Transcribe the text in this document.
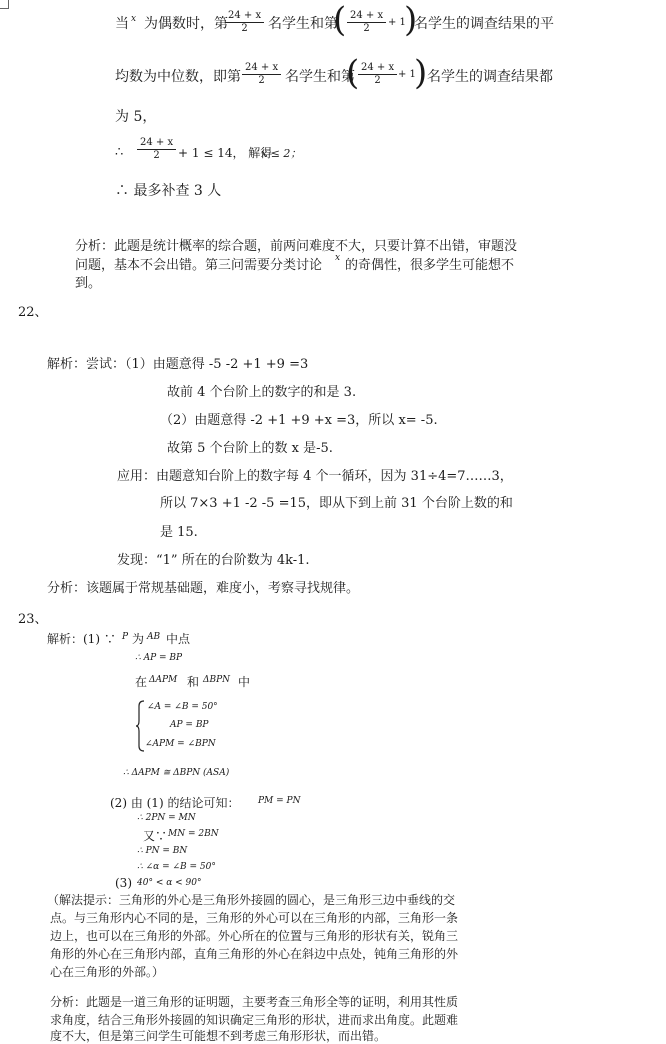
当 x 为偶数时，第
$\frac{24 + x}{2}$ 名学生和第
( $\frac{24 + x}{2} + 1$
)
名学生的调查结果的平
均数为中位数，即第 $\frac{24 + x}{2}$ 名学生和第
(
$\frac{24 + x}{2} + 1$
) 名学生的调查结果都
为 5，
∴ $\frac{24 + x}{2} + 1 \le 14$， 解得
x ≤ 2；
∴ 最多补查 3 人
分析：此题是统计概率的综合题，前两问难度不大，只要计算不出错，审题没
问题，基本不会出错。第三问需要分类讨论 x 的奇偶性，很多学生可能想不
到。
22、
解析：尝试：（1）由题意得 -5 -2 +1 +9 =3
故前 4 个台阶上的数字的和是 3.
（2）由题意得 -2 +1 +9 +x =3，所以 x= -5.
故第 5 个台阶上的数 x 是-5.
应用：由题意知台阶上的数字每 4 个一循环，因为 31÷4=7……3，
所以 7×3 +1 -2 -5 =15，即从下到上前 31 个台阶上数的和
是 15.
发现：“1” 所在的台阶数为 4k-1.
分析：该题属于常规基础题，难度小，考察寻找规律。
23、
解析：(1) ∵ P 为 AB 中点
∴ AP = BP
在 ΔAPM 和 ΔBPN 中
∠A = ∠B = 50°
AP = BP
∠APM = ∠BPN
∴ ΔAPM ≅ ΔBPN (ASA)
(2) 由 (1) 的结论可知： PM = PN
∴ 2PN = MN
又∵ MN = 2BN
∴ PN = BN
∴ ∠α = ∠B = 50°
(3) 40° < α < 90°
（解法提示：三角形的外心是三角形外接圆的圆心，是三角形三边中垂线的交
点。与三角形内心不同的是，三角形的外心可以在三角形的内部，三角形一条
边上，也可以在三角形的外部。外心所在的位置与三角形的形状有关，锐角三
角形的外心在三角形内部，直角三角形的外心在斜边中点处，钝角三角形的外
心在三角形的外部。）
分析：此题是一道三角形的证明题，主要考查三角形全等的证明，利用其性质
求角度，结合三角形外接圆的知识确定三角形的形状，进而求出角度。此题难
度不大，但是第三问学生可能想不到考虑三角形形状，而出错。
